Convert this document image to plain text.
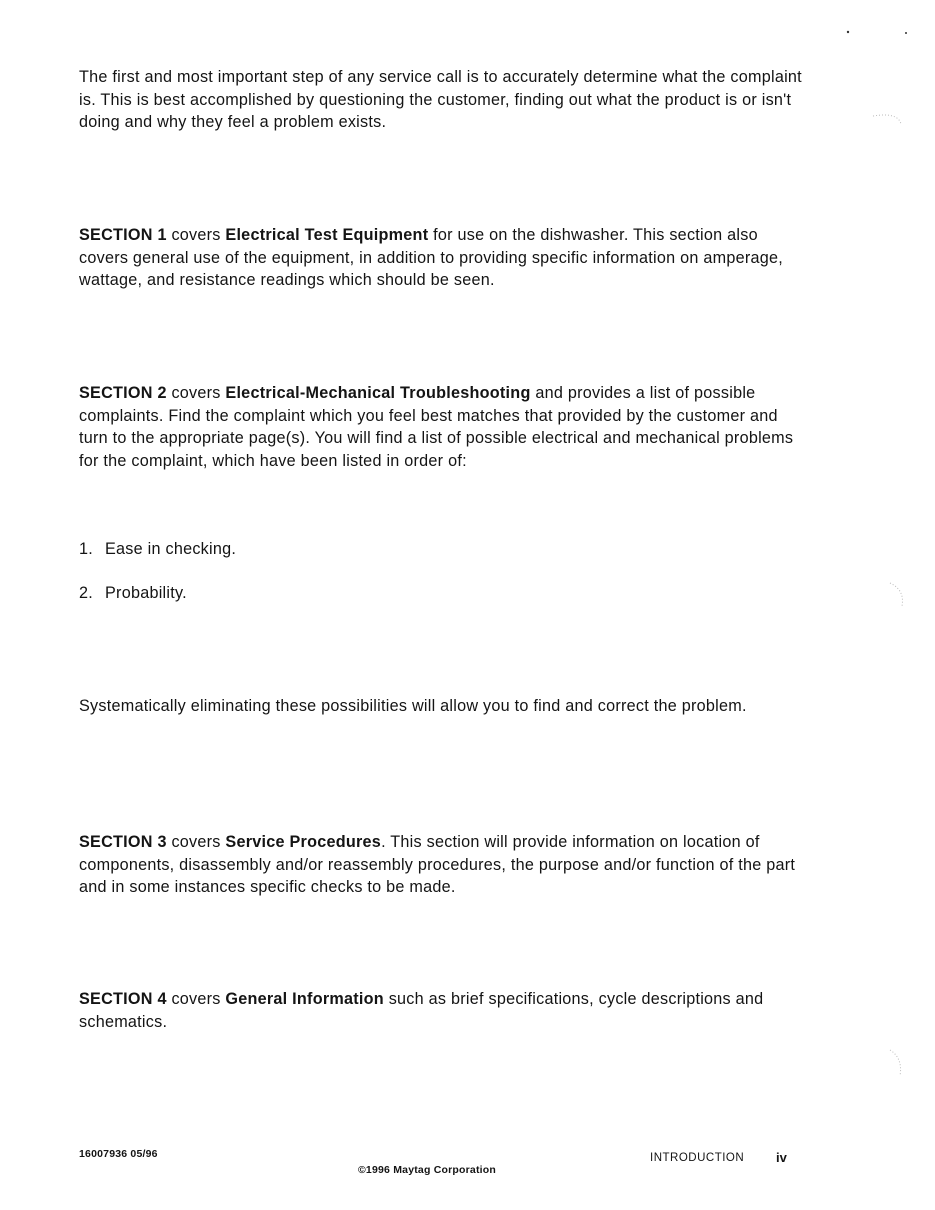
The first and most important step of any service call is to accurately determine what the complaint is. This is best accomplished by questioning the customer, finding out what the product is or isn't doing and why they feel a problem exists.
SECTION 1 covers Electrical Test Equipment for use on the dishwasher. This section also covers general use of the equipment, in addition to providing specific information on amperage, wattage, and resistance readings which should be seen.
SECTION 2 covers Electrical-Mechanical Troubleshooting and provides a list of possible complaints. Find the complaint which you feel best matches that provided by the customer and turn to the appropriate page(s). You will find a list of possible electrical and mechanical problems for the complaint, which have been listed in order of:
1. Ease in checking.
2. Probability.
Systematically eliminating these possibilities will allow you to find and correct the problem.
SECTION 3 covers Service Procedures. This section will provide information on location of components, disassembly and/or reassembly procedures, the purpose and/or function of the part and in some instances specific checks to be made.
SECTION 4 covers General Information such as brief specifications, cycle descriptions and schematics.
16007936 05/96
©1996 Maytag Corporation
INTRODUCTION iv
